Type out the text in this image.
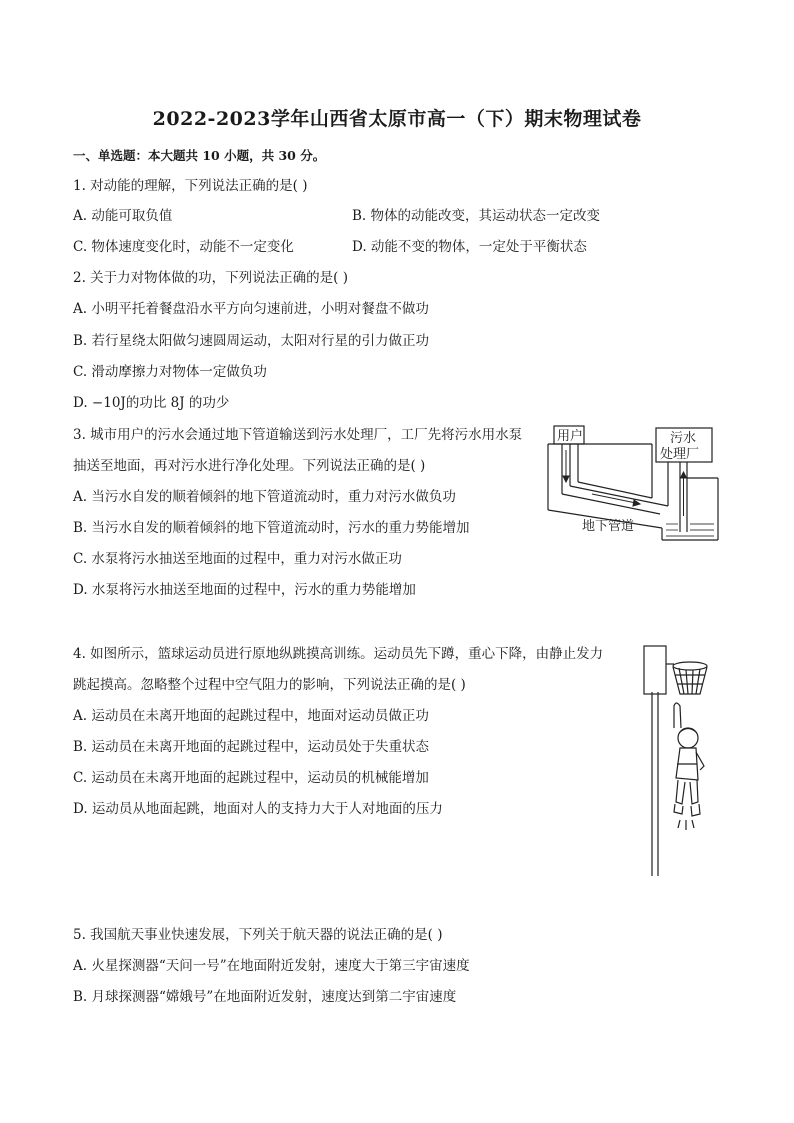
2022-2023学年山西省太原市高一（下）期末物理试卷
一、单选题：本大题共 10 小题，共 30 分。
1. 对动能的理解，下列说法正确的是( )
A. 动能可取负值	B. 物体的动能改变，其运动状态一定改变
C. 物体速度变化时，动能不一定变化	D. 动能不变的物体，一定处于平衡状态
2. 关于力对物体做的功，下列说法正确的是( )
A. 小明平托着餐盘沿水平方向匀速前进，小明对餐盘不做功
B. 若行星绕太阳做匀速圆周运动，太阳对行星的引力做正功
C. 滑动摩擦力对物体一定做负功
D. −10J的功比 8J 的功少
3. 城市用户的污水会通过地下管道输送到污水处理厂，工厂先将污水用水泵
抽送至地面，再对污水进行净化处理。下列说法正确的是( )
A. 当污水自发的顺着倾斜的地下管道流动时，重力对污水做负功
B. 当污水自发的顺着倾斜的地下管道流动时，污水的重力势能增加
C. 水泵将污水抽送至地面的过程中，重力对污水做正功
D. 水泵将污水抽送至地面的过程中，污水的重力势能增加
用户	污水
处理厂
地下管道
4. 如图所示，篮球运动员进行原地纵跳摸高训练。运动员先下蹲，重心下降，由静止发力
跳起摸高。忽略整个过程中空气阻力的影响，下列说法正确的是( )
A. 运动员在未离开地面的起跳过程中，地面对运动员做正功
B. 运动员在未离开地面的起跳过程中，运动员处于失重状态
C. 运动员在未离开地面的起跳过程中，运动员的机械能增加
D. 运动员从地面起跳，地面对人的支持力大于人对地面的压力
5. 我国航天事业快速发展，下列关于航天器的说法正确的是( )
A. 火星探测器“天问一号”在地面附近发射，速度大于第三宇宙速度
B. 月球探测器“嫦娥号”在地面附近发射，速度达到第二宇宙速度
